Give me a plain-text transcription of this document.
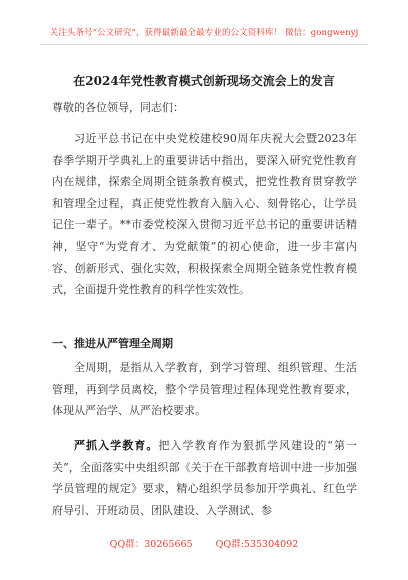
关注头条号“公文研究”，获得最新最全最专业的公文资料库！ 微信：gongwenyj
在2024年党性教育模式创新现场交流会上的发言
尊敬的各位领导，同志们：

习近平总书记在中央党校建校90周年庆祝大会暨2023年春季学期开学典礼上的重要讲话中指出，要深入研究党性教育内在规律，探索全周期全链条教育模式，把党性教育贯穿教学和管理全过程，真正使党性教育入脑入心、刻骨铭心，让学员记住一辈子。**市委党校深入贯彻习近平总书记的重要讲话精神，坚守“为党育才、为党献策”的初心使命，进一步丰富内容、创新形式、强化实效，积极探索全周期全链条党性教育模式，全面提升党性教育的科学性实效性。

一、推进从严管理全周期

全周期，是指从入学教育，到学习管理、组织管理、生活管理，再到学员离校，整个学员管理过程体现党性教育要求，体现从严治学、从严治校要求。

严抓入学教育。把入学教育作为狠抓学风建设的“第一关”，全面落实中央组织部《关于在干部教育培训中进一步加强学员管理的规定》要求，精心组织学员参加开学典礼、红色学府导引、开班动员、团队建设、入学测试、参

QQ群：30265665 QQ群:535304092
